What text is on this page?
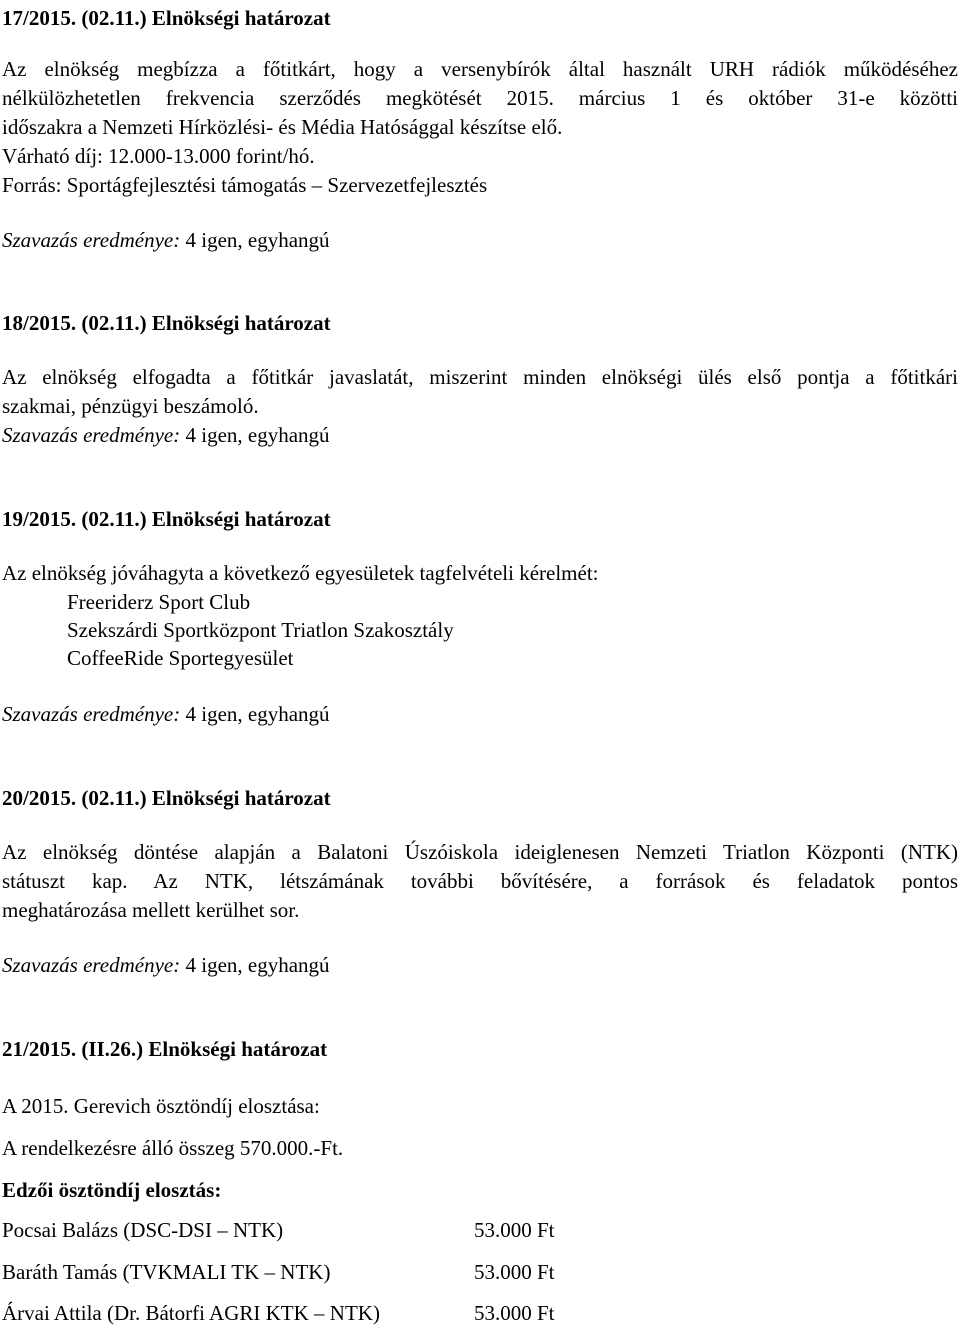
17/2015. (02.11.) Elnökségi határozat
Az elnökség megbízza a főtitkárt, hogy a versenybírók által használt URH rádiók működéséhez
nélkülözhetetlen frekvencia szerződés megkötését 2015. március 1 és október 31-e közötti
időszakra a Nemzeti Hírközlési- és Média Hatósággal készítse elő.
Várható díj: 12.000-13.000 forint/hó.
Forrás: Sportágfejlesztési támogatás – Szervezetfejlesztés
Szavazás eredménye: 4 igen, egyhangú
18/2015. (02.11.) Elnökségi határozat
Az elnökség elfogadta a főtitkár javaslatát, miszerint minden elnökségi ülés első pontja a főtitkári
szakmai, pénzügyi beszámoló.
Szavazás eredménye: 4 igen, egyhangú
19/2015. (02.11.) Elnökségi határozat
Az elnökség jóváhagyta a következő egyesületek tagfelvételi kérelmét:
Freeriderz Sport Club
Szekszárdi Sportközpont Triatlon Szakosztály
CoffeeRide Sportegyesület
Szavazás eredménye: 4 igen, egyhangú
20/2015. (02.11.) Elnökségi határozat
Az elnökség döntése alapján a Balatoni Úszóiskola ideiglenesen Nemzeti Triatlon Központi (NTK)
státuszt kap. Az NTK, létszámának további bővítésére, a források és feladatok pontos
meghatározása mellett kerülhet sor.
Szavazás eredménye: 4 igen, egyhangú
21/2015. (II.26.) Elnökségi határozat
A 2015. Gerevich ösztöndíj elosztása:
A rendelkezésre álló összeg 570.000.-Ft.
Edzői ösztöndíj elosztás:
Pocsai Balázs (DSC-DSI – NTK)	53.000 Ft
Baráth Tamás (TVKMALI TK – NTK)	53.000 Ft
Árvai Attila (Dr. Bátorfi AGRI KTK – NTK)	53.000 Ft
